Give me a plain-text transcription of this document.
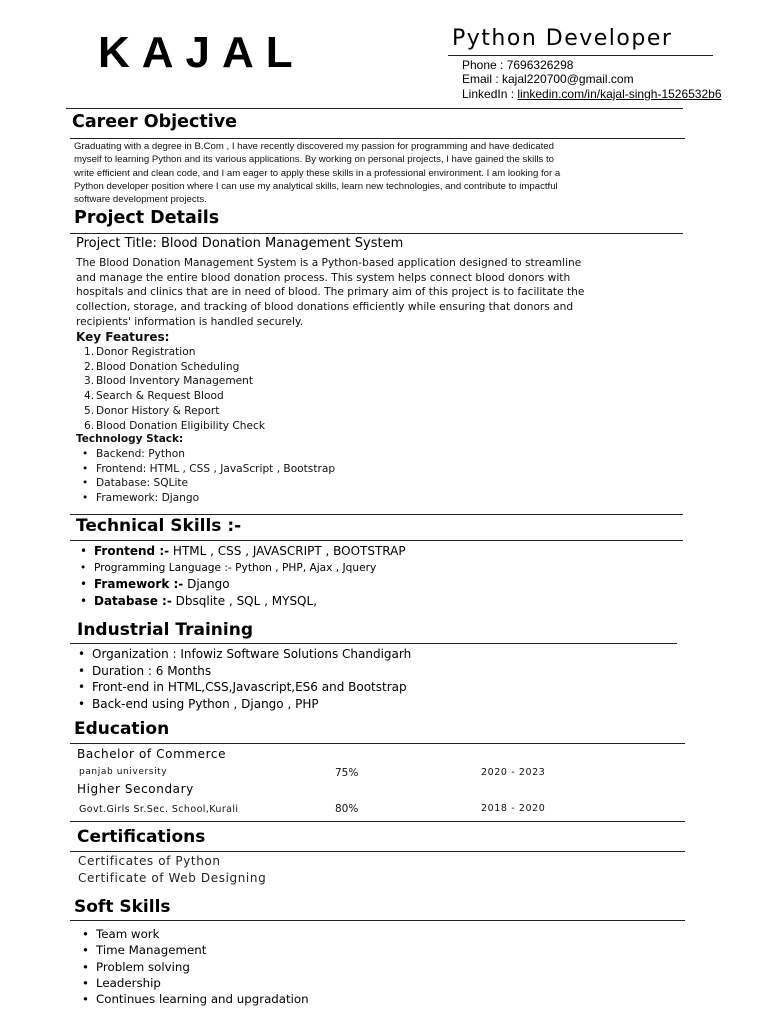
KAJAL	Python Developer
Phone : 7696326298
Email : kajal220700@gmail.com
LinkedIn : linkedin.com/in/kajal-singh-1526532b6
Career Objective
Graduating with a degree in B.Com , I have recently discovered my passion for programming and have dedicated
myself to learning Python and its various applications. By working on personal projects, I have gained the skills to
write efficient and clean code, and I am eager to apply these skills in a professional environment. I am looking for a
Python developer position where I can use my analytical skills, learn new technologies, and contribute to impactful
software development projects.
Project Details
Project Title: Blood Donation Management System
The Blood Donation Management System is a Python-based application designed to streamline
and manage the entire blood donation process. This system helps connect blood donors with
hospitals and clinics that are in need of blood. The primary aim of this project is to facilitate the
collection, storage, and tracking of blood donations efficiently while ensuring that donors and
recipients' information is handled securely.
Key Features:
1. Donor Registration
2. Blood Donation Scheduling
3. Blood Inventory Management
4. Search & Request Blood
5. Donor History & Report
6. Blood Donation Eligibility Check
Technology Stack:
• Backend: Python
• Frontend: HTML , CSS , JavaScript , Bootstrap
• Database: SQLite
• Framework: Django
Technical Skills :-
• Frontend :- HTML , CSS , JAVASCRIPT , BOOTSTRAP
• Programming Language :- Python , PHP, Ajax , Jquery
• Framework :- Django
• Database :- Dbsqlite , SQL , MYSQL,
Industrial Training
• Organization : Infowiz Software Solutions Chandigarh
• Duration : 6 Months
• Front-end in HTML,CSS,Javascript,ES6 and Bootstrap
• Back-end using Python , Django , PHP
Education
Bachelor of Commerce
panjab university	75%	2020 - 2023
Higher Secondary
Govt.Girls Sr.Sec. School,Kurali	80%	2018 - 2020
Certifications
Certificates of Python
Certificate of Web Designing
Soft Skills
• Team work
• Time Management
• Problem solving
• Leadership
• Continues learning and upgradation
